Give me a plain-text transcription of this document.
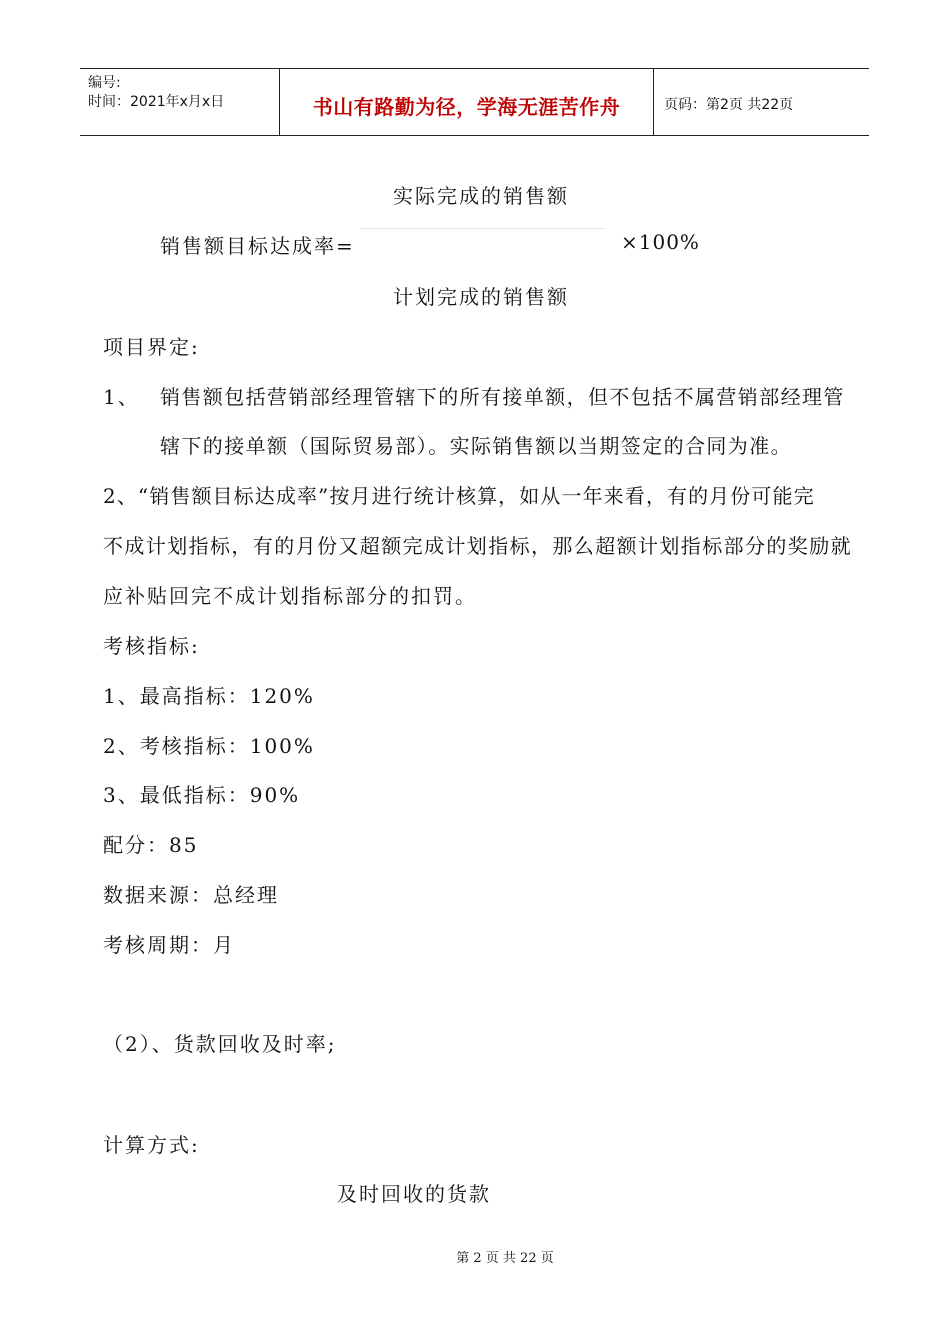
编号:
时间：2021年x月x日	书山有路勤为径，学海无涯苦作舟	页码：第2页 共22页
实际完成的销售额
销售额目标达成率=	×100%
计划完成的销售额
项目界定:
1、 销售额包括营销部经理管辖下的所有接单额，但不包括不属营销部经理管
辖下的接单额（国际贸易部）。实际销售额以当期签定的合同为准。
2、“销售额目标达成率”按月进行统计核算，如从一年来看，有的月份可能完
不成计划指标，有的月份又超额完成计划指标，那么超额计划指标部分的奖励就
应补贴回完不成计划指标部分的扣罚。
考核指标:
1、最高指标：120%
2、考核指标：100%
3、最低指标：90%
配分：85
数据来源：总经理
考核周期：月
（2）、货款回收及时率;
计算方式:
及时回收的货款
第 2 页 共 22 页
